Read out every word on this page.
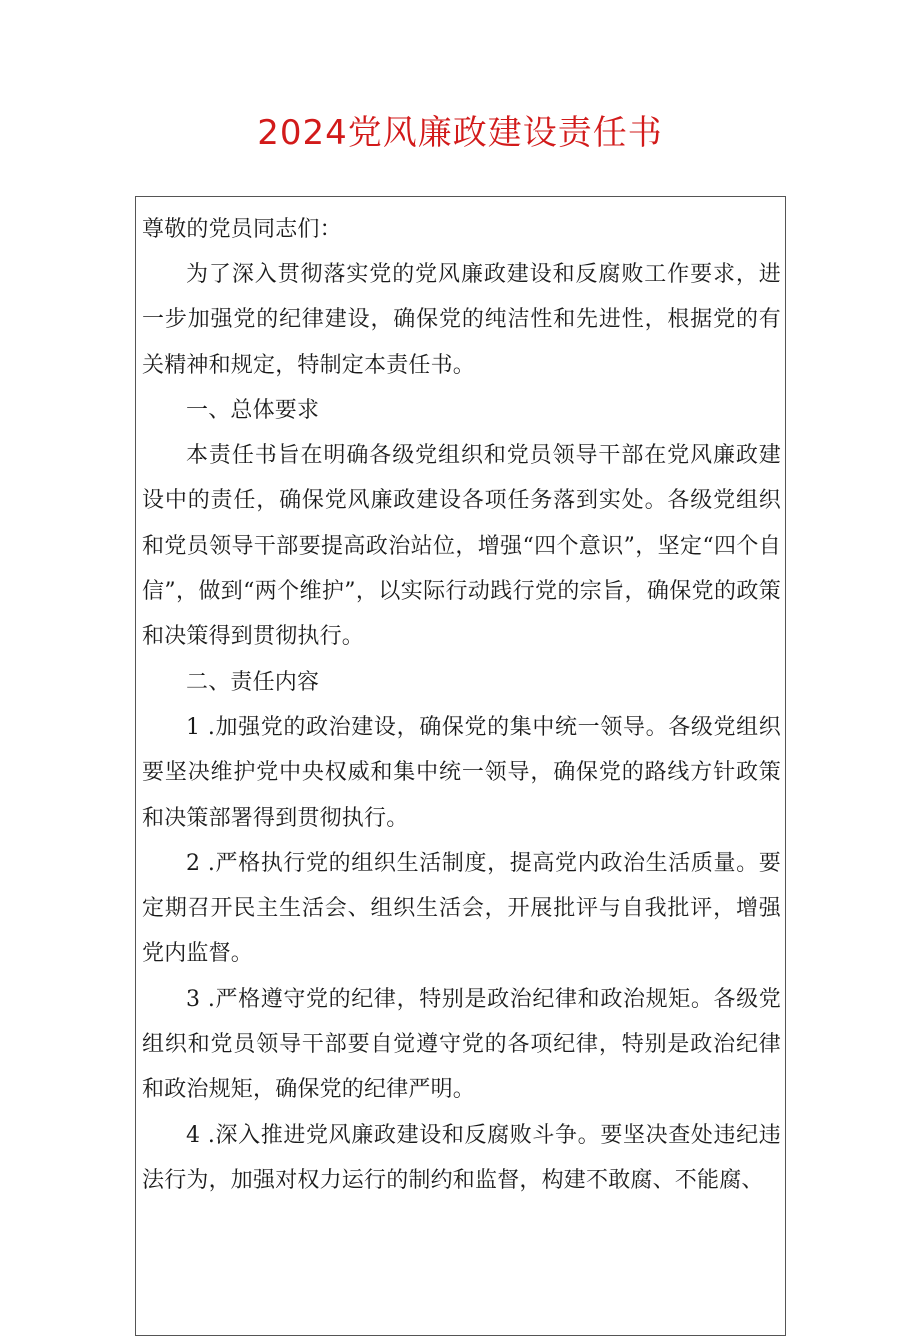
2024党风廉政建设责任书

尊敬的党员同志们：

为了深入贯彻落实党的党风廉政建设和反腐败工作要求，进一步加强党的纪律建设，确保党的纯洁性和先进性，根据党的有关精神和规定，特制定本责任书。

一、总体要求

本责任书旨在明确各级党组织和党员领导干部在党风廉政建设中的责任，确保党风廉政建设各项任务落到实处。各级党组织和党员领导干部要提高政治站位，增强“四个意识”，坚定“四个自信”，做到“两个维护”，以实际行动践行党的宗旨，确保党的政策和决策得到贯彻执行。

二、责任内容

1 .加强党的政治建设，确保党的集中统一领导。各级党组织要坚决维护党中央权威和集中统一领导，确保党的路线方针政策和决策部署得到贯彻执行。

2 .严格执行党的组织生活制度，提高党内政治生活质量。要定期召开民主生活会、组织生活会，开展批评与自我批评，增强党内监督。

3 .严格遵守党的纪律，特别是政治纪律和政治规矩。各级党组织和党员领导干部要自觉遵守党的各项纪律，特别是政治纪律和政治规矩，确保党的纪律严明。

4 .深入推进党风廉政建设和反腐败斗争。要坚决查处违纪违法行为，加强对权力运行的制约和监督，构建不敢腐、不能腐、
